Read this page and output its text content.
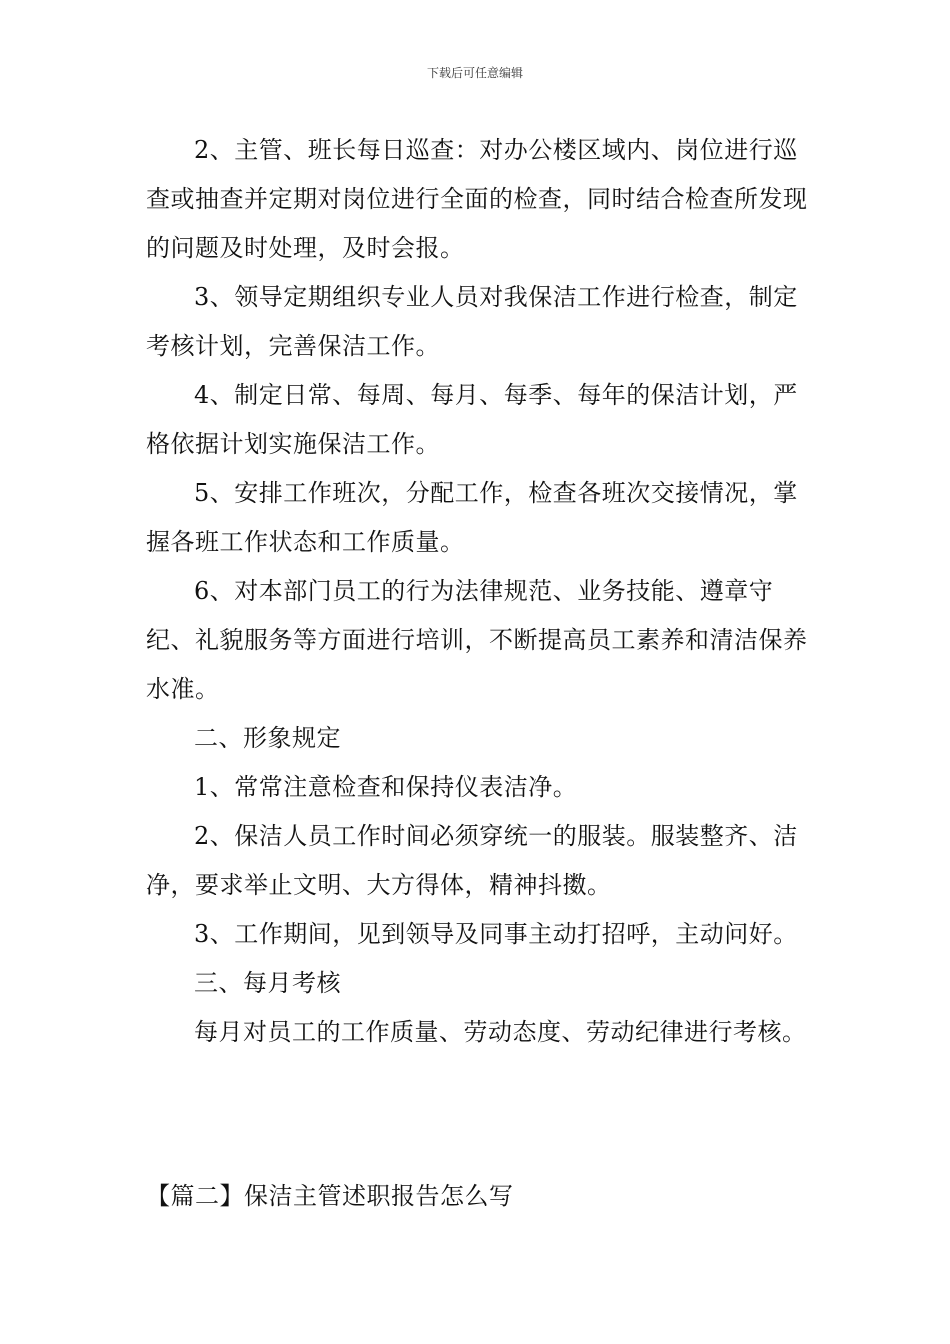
下载后可任意编辑

2、主管、班长每日巡查：对办公楼区域内、岗位进行巡查或抽查并定期对岗位进行全面的检查，同时结合检查所发现的问题及时处理，及时会报。

3、领导定期组织专业人员对我保洁工作进行检查，制定考核计划，完善保洁工作。

4、制定日常、每周、每月、每季、每年的保洁计划，严格依据计划实施保洁工作。

5、安排工作班次，分配工作，检查各班次交接情况，掌握各班工作状态和工作质量。

6、对本部门员工的行为法律规范、业务技能、遵章守纪、礼貌服务等方面进行培训，不断提高员工素养和清洁保养水准。

二、形象规定

1、常常注意检查和保持仪表洁净。

2、保洁人员工作时间必须穿统一的服装。服装整齐、洁净，要求举止文明、大方得体，精神抖擞。

3、工作期间，见到领导及同事主动打招呼，主动问好。

三、每月考核

每月对员工的工作质量、劳动态度、劳动纪律进行考核。

【篇二】保洁主管述职报告怎么写
